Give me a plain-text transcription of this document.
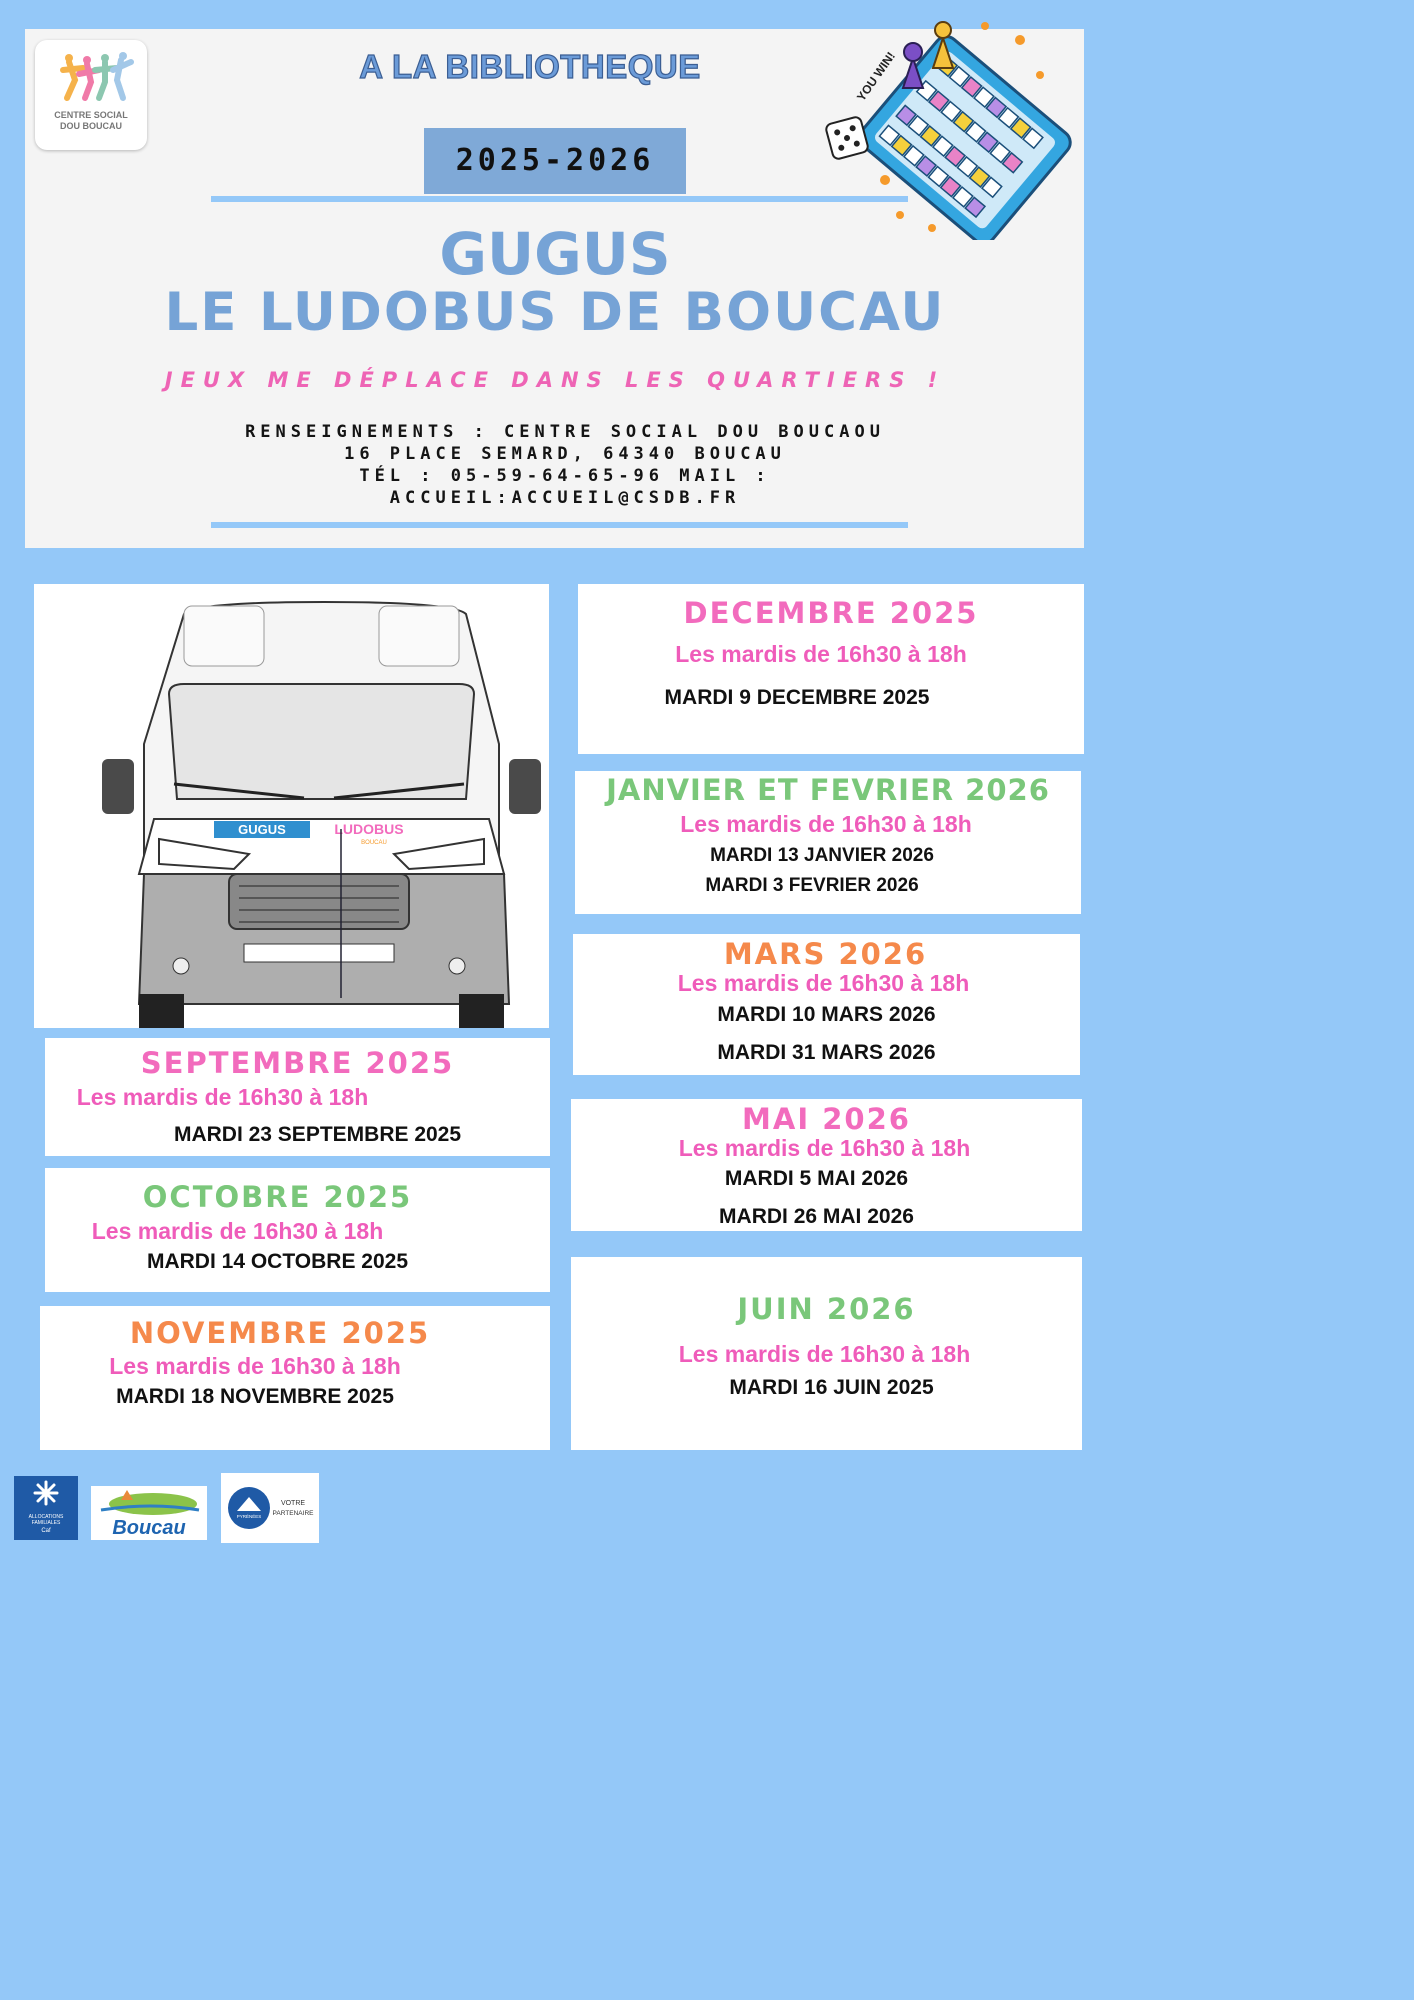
CENTRE SOCIAL
DOU BOUCAU
A LA BIBLIOTHEQUE
2025-2026
GUGUS
LE LUDOBUS DE BOUCAU
JEUX ME DÉPLACE DANS LES QUARTIERS !
RENSEIGNEMENTS : CENTRE SOCIAL DOU BOUCAOU
16 PLACE SEMARD, 64340 BOUCAU
TÉL : 05-59-64-65-96 MAIL :
ACCUEIL:ACCUEIL@CSDB.FR
YOU WIN!
GUGUS	LUDOBUS
BOUCAU
SEPTEMBRE 2025
Les mardis de 16h30 à 18h
MARDI 23 SEPTEMBRE 2025
OCTOBRE 2025
Les mardis de 16h30 à 18h
MARDI 14 OCTOBRE 2025
NOVEMBRE 2025
Les mardis de 16h30 à 18h
MARDI 18 NOVEMBRE 2025
DECEMBRE 2025
Les mardis de 16h30 à 18h
MARDI 9 DECEMBRE 2025
JANVIER ET FEVRIER 2026
Les mardis de 16h30 à 18h
MARDI 13 JANVIER 2026
MARDI 3 FEVRIER 2026
MARS 2026
Les mardis de 16h30 à 18h
MARDI 10 MARS 2026
MARDI 31 MARS 2026
MAI 2026
Les mardis de 16h30 à 18h
MARDI 5 MAI 2026
MARDI 26 MAI 2026
JUIN 2026
Les mardis de 16h30 à 18h
MARDI 16 JUIN 2025
ALLOCATIONS
FAMILIALES
Caf	Boucau
PYRÉNÉES
VOTRE
PARTENAIRE
